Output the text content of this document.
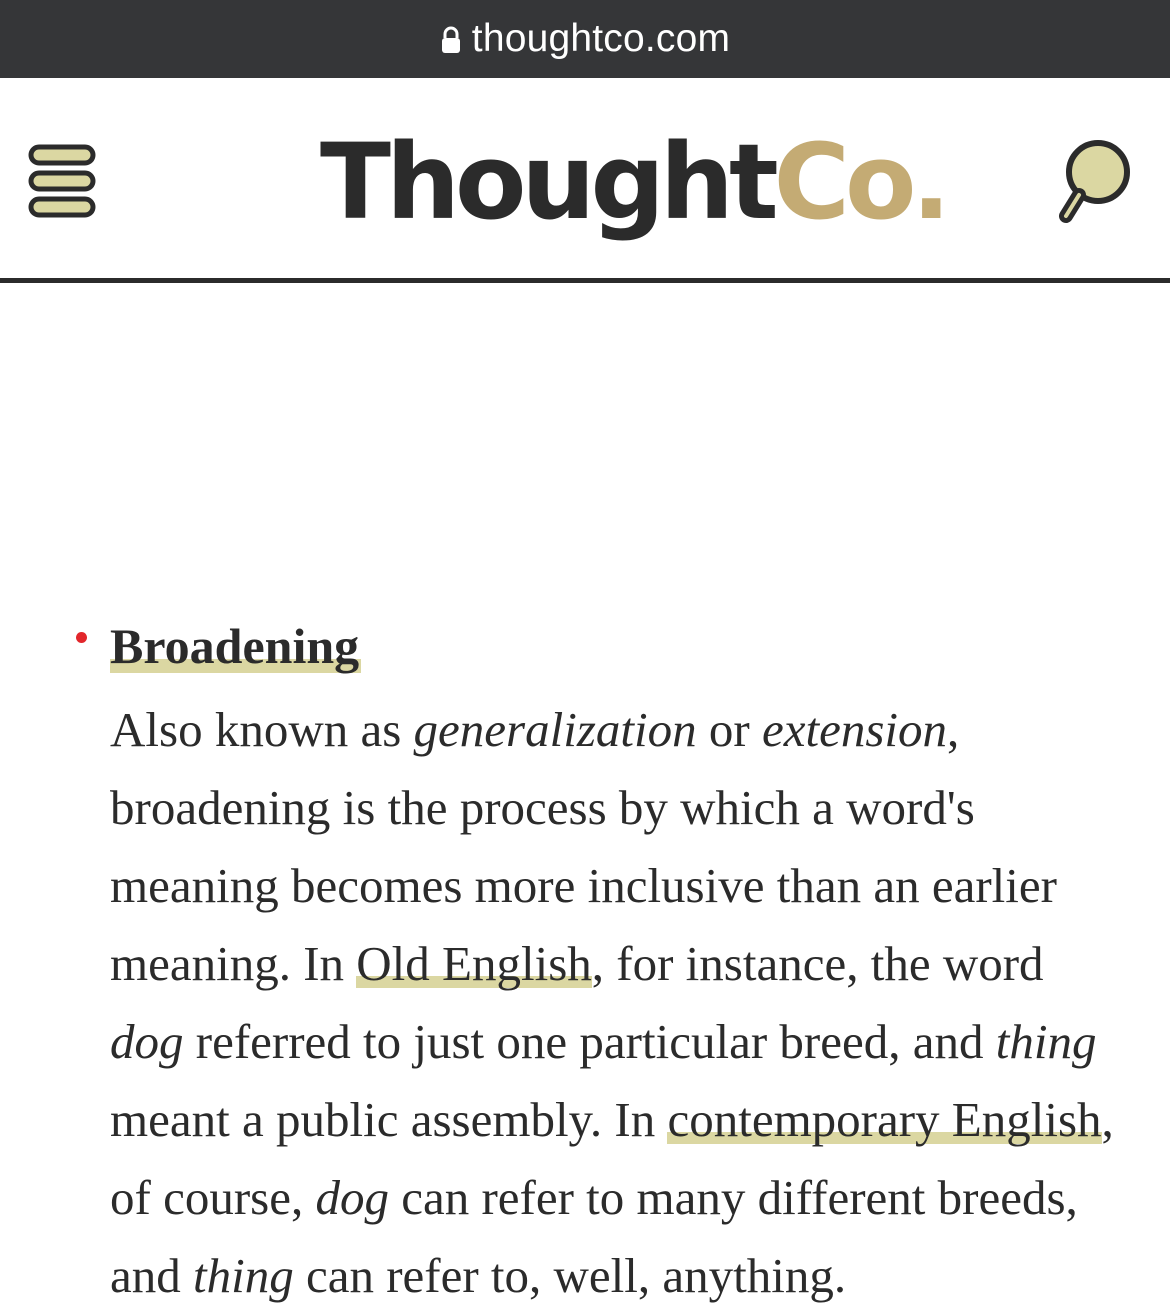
thoughtco.com
Thought Co.
Broadening

Also known as generalization or extension, broadening is the process by which a word's meaning becomes more inclusive than an earlier meaning. In Old English, for instance, the word dog referred to just one particular breed, and thing meant a public assembly. In contemporary English, of course, dog can refer to many different breeds, and thing can refer to, well, anything.
